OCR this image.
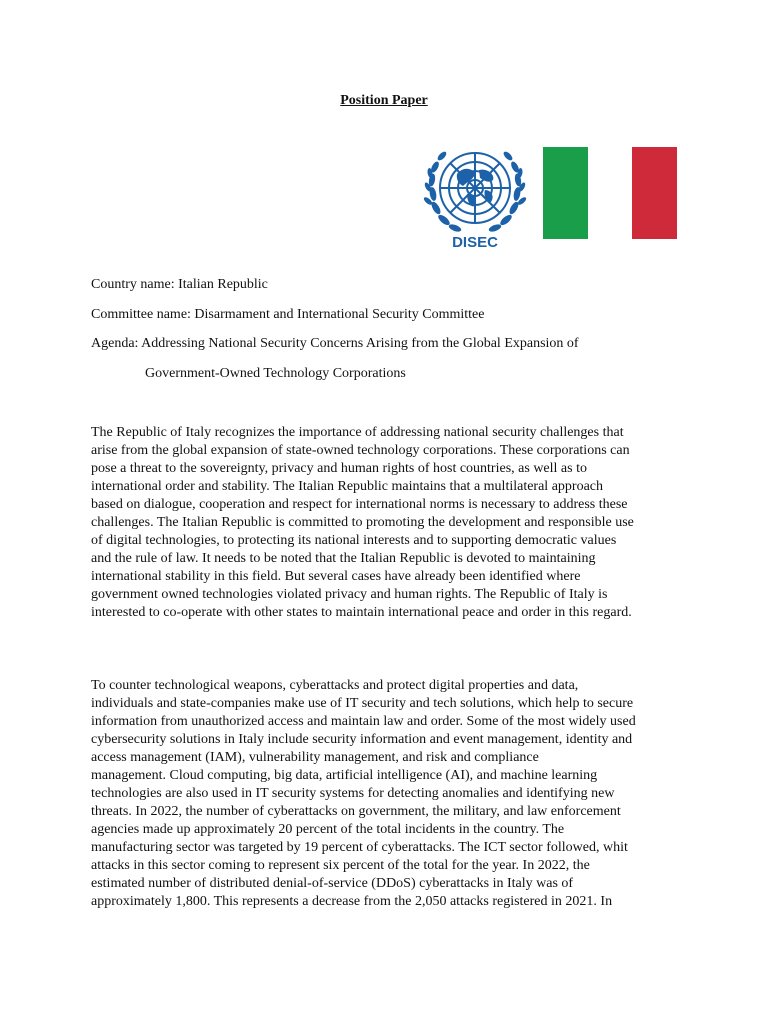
Position Paper
DISEC
Country name: Italian Republic
Committee name: Disarmament and International Security Committee
Agenda: Addressing National Security Concerns Arising from the Global Expansion of
Government-Owned Technology Corporations

The Republic of Italy recognizes the importance of addressing national security challenges that
arise from the global expansion of state-owned technology corporations. These corporations can
pose a threat to the sovereignty, privacy and human rights of host countries, as well as to
international order and stability. The Italian Republic maintains that a multilateral approach
based on dialogue, cooperation and respect for international norms is necessary to address these
challenges. The Italian Republic is committed to promoting the development and responsible use
of digital technologies, to protecting its national interests and to supporting democratic values
and the rule of law. It needs to be noted that the Italian Republic is devoted to maintaining
international stability in this field. But several cases have already been identified where
government owned technologies violated privacy and human rights. The Republic of Italy is
interested to co-operate with other states to maintain international peace and order in this regard.

To counter technological weapons, cyberattacks and protect digital properties and data,
individuals and state-companies make use of IT security and tech solutions, which help to secure
information from unauthorized access and maintain law and order. Some of the most widely used
cybersecurity solutions in Italy include security information and event management, identity and
access management (IAM), vulnerability management, and risk and compliance
management. Cloud computing, big data, artificial intelligence (AI), and machine learning
technologies are also used in IT security systems for detecting anomalies and identifying new
threats. In 2022, the number of cyberattacks on government, the military, and law enforcement
agencies made up approximately 20 percent of the total incidents in the country. The
manufacturing sector was targeted by 19 percent of cyberattacks. The ICT sector followed, whit
attacks in this sector coming to represent six percent of the total for the year. In 2022, the
estimated number of distributed denial-of-service (DDoS) cyberattacks in Italy was of
approximately 1,800. This represents a decrease from the 2,050 attacks registered in 2021. In
